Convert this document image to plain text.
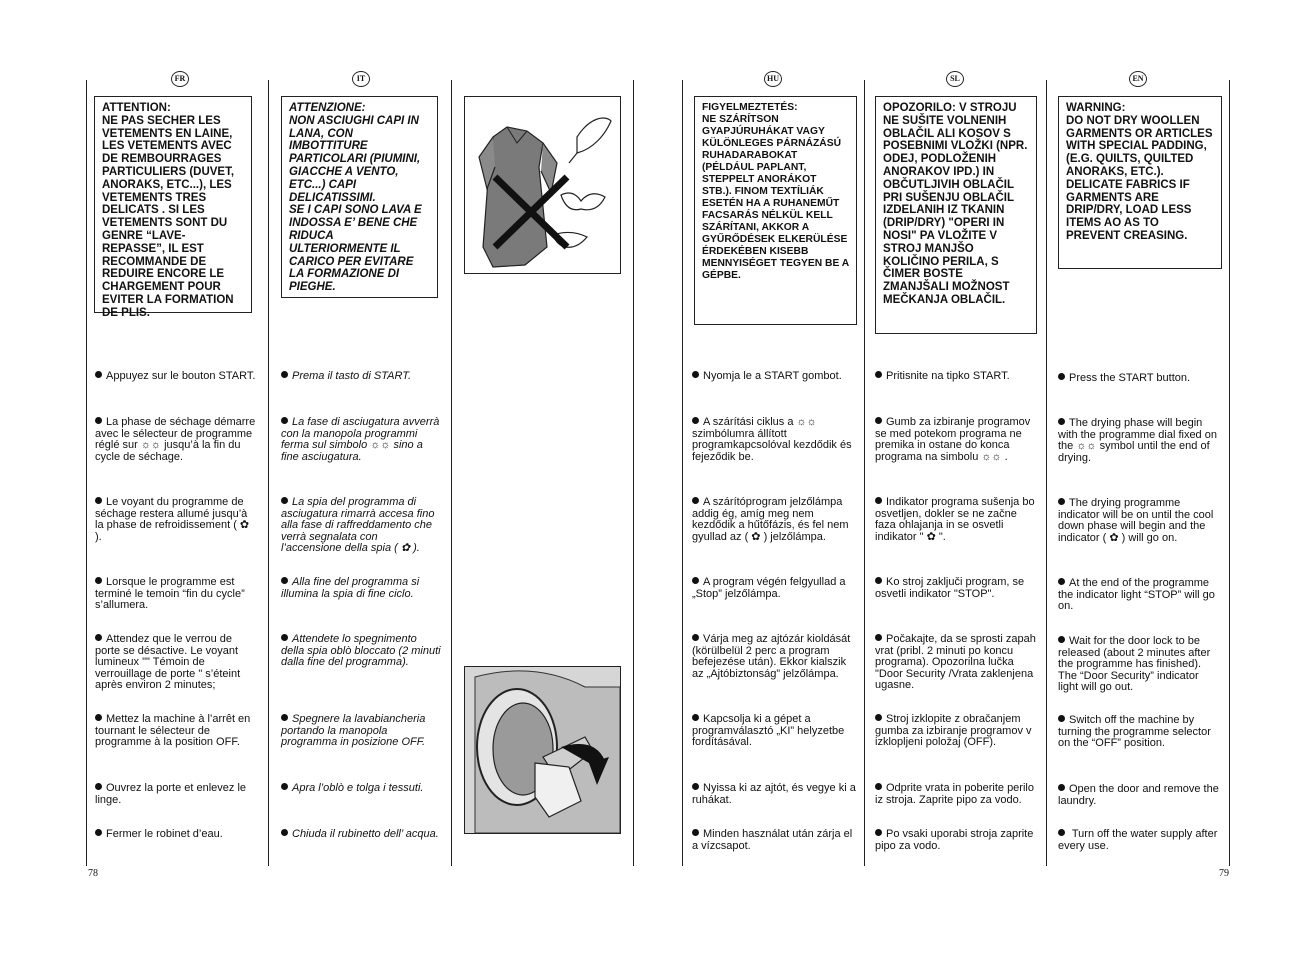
FR	IT	HU	SL	EN
ATTENTION:
NE PAS SECHER LES VETEMENTS EN LAINE, LES VETEMENTS AVEC DE REMBOURRAGES PARTICULIERS (DUVET, ANORAKS, ETC...), LES VETEMENTS TRES DELICATS . SI LES VETEMENTS SONT DU GENRE “LAVE-REPASSE”, IL EST RECOMMANDE DE REDUIRE ENCORE LE CHARGEMENT POUR EVITER LA FORMATION DE PLIS.
ATTENZIONE:
NON ASCIUGHI CAPI IN LANA, CON IMBOTTITURE PARTICOLARI (PIUMINI, GIACCHE A VENTO, ETC...) CAPI DELICATISSIMI.
SE I CAPI SONO LAVA E INDOSSA E’ BENE CHE RIDUCA ULTERIORMENTE IL CARICO PER EVITARE LA FORMAZIONE DI PIEGHE.
FIGYELMEZTETÉS:
NE SZÁRÍTSON GYAPJÚRUHÁKAT VAGY KÜLÖNLEGES PÁRNÁZÁSÚ RUHADARABOKAT (PÉLDÁUL PAPLANT, STEPPELT ANORÁKOT STB.). FINOM TEXTÍLIÁK ESETÉN HA A RUHANEMŰT FACSARÁS NÉLKÜL KELL SZÁRÍTANI, AKKOR A GYŰRŐDÉSEK ELKERÜLÉSE ÉRDEKÉBEN KISEBB MENNYISÉGET TEGYEN BE A GÉPBE.
OPOZORILO: V STROJU NE SUŠITE VOLNENIH OBLAČIL ALI KOSOV S POSEBNIMI VLOŽKI (NPR. ODEJ, PODLOŽENIH ANORAKOV IPD.) IN OBČUTLJIVIH OBLAČIL PRI SUŠENJU OBLAČIL IZDELANIH IZ TKANIN (DRIP/DRY) "OPERI IN NOSI" PA VLOŽITE V STROJ MANJŠO KOLIČINO PERILA, S ČIMER BOSTE ZMANJŠALI MOŽNOST MEČKANJA OBLAČIL.
WARNING:
DO NOT DRY WOOLLEN GARMENTS OR ARTICLES WITH SPECIAL PADDING, (E.G. QUILTS, QUILTED ANORAKS, ETC.). DELICATE FABRICS IF GARMENTS ARE DRIP/DRY, LOAD LESS ITEMS AO AS TO PREVENT CREASING.
Appuyez sur le bouton START.
La phase de séchage démarre avec le sélecteur de programme réglé sur ☼☼ jusqu’à la fin du cycle de séchage.
Le voyant du programme de séchage restera allumé jusqu’à la phase de refroidissement ( ✿ ).
Lorsque le programme est terminé le temoin “fin du cycle” s’allumera.
Attendez que le verrou de porte se désactive. Le voyant lumineux "" Témoin de verrouillage de porte " s’éteint après environ 2 minutes;
Mettez la machine à l’arrêt en tournant le sélecteur de programme à la position OFF.
Ouvrez la porte et enlevez le linge.
Fermer le robinet d’eau.
Prema il tasto di START.
La fase di asciugatura avverrà con la manopola programmi ferma sul simbolo ☼☼ sino a fine asciugatura.
La spia del programma di asciugatura rimarrà accesa fino alla fase di raffreddamento che verrà segnalata con l’accensione della spia ( ✿ ).
Alla fine del programma si illumina la spia di fine ciclo.
Attendete lo spegnimento della spia oblò bloccato (2 minuti dalla fine del programma).
Spegnere la lavabiancheria portando la manopola programma in posizione OFF.
Apra l’oblò e tolga i tessuti.
Chiuda il rubinetto dell’ acqua.
Nyomja le a START gombot.
A szárítási ciklus a ☼☼ szimbólumra állított programkapcsolóval kezdődik és fejeződik be.
A szárítóprogram jelzőlámpa addig ég, amíg meg nem kezdődik a hűtőfázis, és fel nem gyullad az ( ✿ ) jelzőlámpa.
A program végén felgyullad a „Stop” jelzőlámpa.
Várja meg az ajtózár kioldását (körülbelül 2 perc a program befejezése után). Ekkor kialszik az „Ajtóbiztonság” jelzőlámpa.
Kapcsolja ki a gépet a programválasztó „KI” helyzetbe fordításával.
Nyissa ki az ajtót, és vegye ki a ruhákat.
Minden használat után zárja el a vízcsapot.
Pritisnite na tipko START.
Gumb za izbiranje programov se med potekom programa ne premika in ostane do konca programa na simbolu ☼☼ .
Indikator programa sušenja bo osvetljen, dokler se ne začne faza ohlajanja in se osvetli indikator " ✿ ".
Ko stroj zaključi program, se osvetli indikator "STOP".
Počakajte, da se sprosti zapah vrat (pribl. 2 minuti po koncu programa). Opozorilna lučka "Door Security /Vrata zaklenjena ugasne.
Stroj izklopite z obračanjem gumba za izbiranje programov v izklopljeni položaj (OFF).
Odprite vrata in poberite perilo iz stroja. Zaprite pipo za vodo.
Po vsaki uporabi stroja zaprite pipo za vodo.
Press the START button.
The drying phase will begin with the programme dial fixed on the ☼☼ symbol until the end of drying.
The drying programme indicator will be on until the cool down phase will begin and the indicator ( ✿ ) will go on.
At the end of the programme the indicator light “STOP” will go on.
Wait for the door lock to be released (about 2 minutes after the programme has finished). The “Door Security” indicator light will go out.
Switch off the machine by turning the programme selector on the “OFF” position.
Open the door and remove the laundry.
Turn off the water supply after every use.
78	79
